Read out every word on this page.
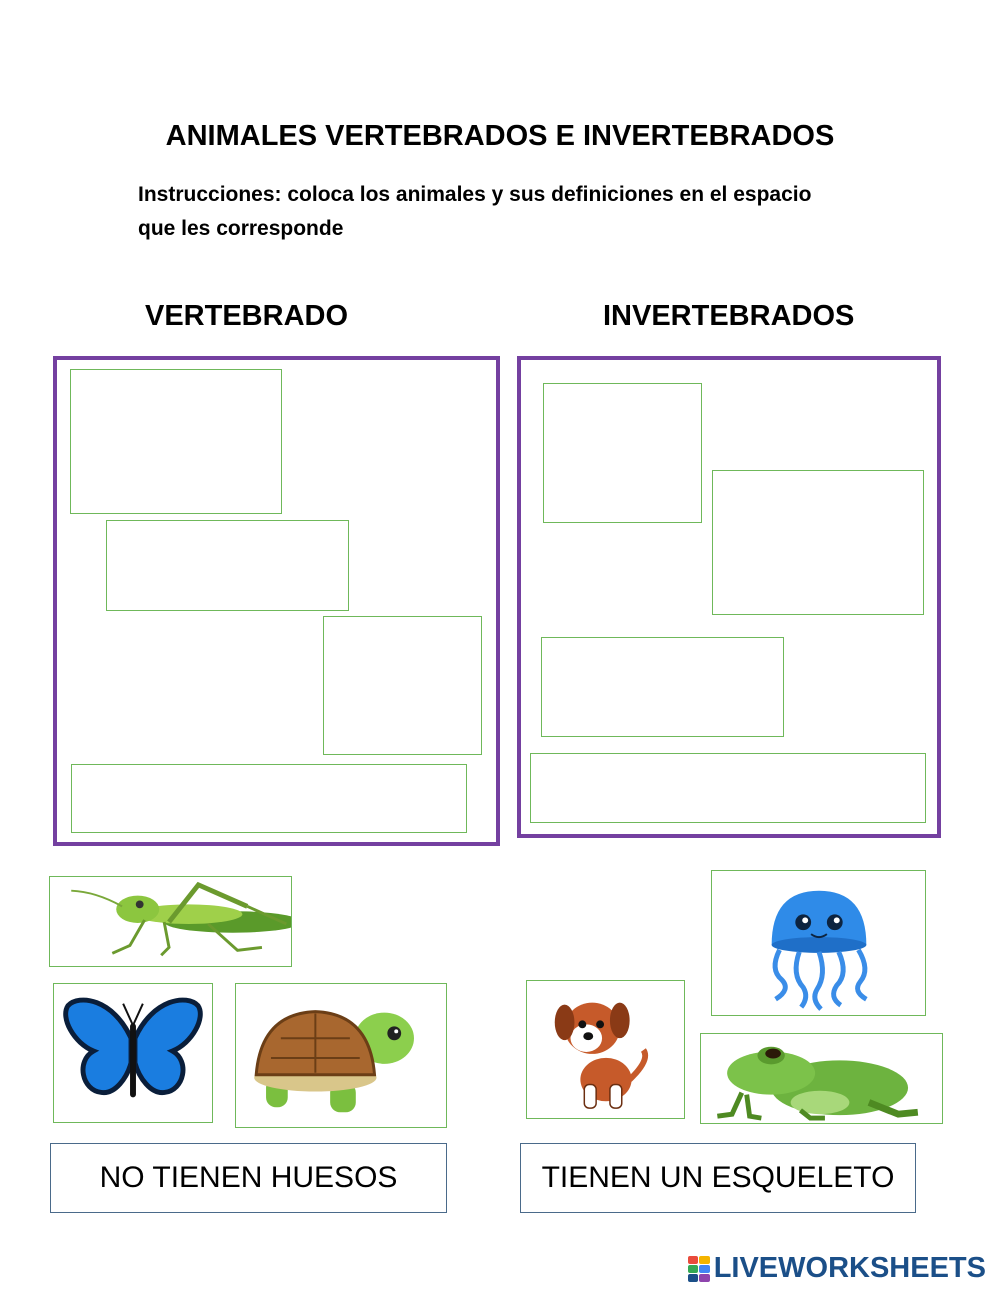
ANIMALES VERTEBRADOS E INVERTEBRADOS
Instrucciones: coloca los animales y sus definiciones en el espacio
que les corresponde
VERTEBRADO	INVERTEBRADOS
NO TIENEN HUESOS	TIENEN UN ESQUELETO
LIVEWORKSHEETS
